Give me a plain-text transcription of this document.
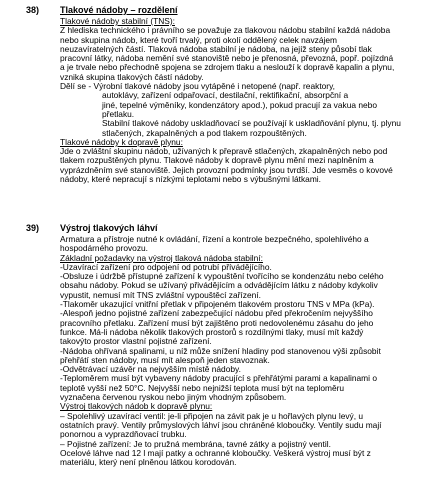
38) Tlakové nádoby – rozdělení
Tlakové nádoby stabilní (TNS):
Z hlediska technického i právního se považuje za tlakovou nádobu stabilní každá nádoba
nebo skupina nádob, které tvoří trvalý, proti okolí oddělený celek navzájem
neuzavíratelných částí. Tlaková nádoba stabilní je nádoba, na jejíž steny působí tlak
pracovní látky, nádoba nemění své stanoviště nebo je přenosná, převozná, popř. pojízdná
a je trvale nebo přechodně spojena se zdrojem tlaku a neslouží k dopravě kapalin a plynu,
vzniká skupina tlakových částí nádoby.
Dělí se - Výrobní tlakové nádoby jsou vytápěné i netopené (např. reaktory,
autoklávy, zařízení odpařovací, destilační, rektifikační, absorpční a
jiné, tepelné výměníky, kondenzátory apod.), pokud pracují za vakua nebo
přetlaku.
Stabilní tlakové nádoby uskladňovací se používají k uskladňování plynu, tj. plynu
stlačených, zkapalněných a pod tlakem rozpouštěných.
Tlakové nádoby k dopravě plynu:
Jde o zvláštní skupinu nádob, užívaných k přepravě stlačených, zkapalněných nebo pod
tlakem rozpuštěných plynu. Tlakové nádoby k dopravě plynu mění mezi naplněním a
vyprázdněním své stanoviště. Jejich provozní podmínky jsou tvrdší. Jde vesměs o kovové
nádoby, které nepracují s nízkými teplotami nebo s výbušnými látkami.
39) Výstroj tlakových láhví
Armatura a přístroje nutné k ovládání, řízení a kontrole bezpečného, spolehlivého a
hospodárného provozu.
Základní požadavky na výstroj tlaková nádoba stabilní:
-Uzavírací zařízení pro odpojení od potrubí přívádějícího.
-Obsluze i údržbě přístupné zařízení k vypouštění tvořícího se kondenzátu nebo celého
obsahu nádoby. Pokud se užívaný přivádějícím a odvádějícím látku z nádoby kdykoliv
vypustit, nemusí mít TNS zvláštní vypouštěcí zařízení.
-Tlakoměr ukazující vnitřní přetlak v připojeném tlakovém prostoru TNS v MPa (kPa).
-Alespoň jedno pojistné zařízení zabezpečující nádobu před překročením nejvyššího
pracovního přetlaku. Zařízení musí být zajištěno proti nedovolenému zásahu do jeho
funkce. Má-li nádoba několik tlakových prostorů s rozdílnými tlaky, musí mít každý
takovýto prostor vlastní pojistné zařízení.
-Nádoba ohřívaná spalinami, u níž může snížení hladiny pod stanovenou výši způsobit
přehřátí sten nádoby, musí mít alespoň jeden stavoznak.
-Odvětrávací uzávěr na nejvyšším místě nádoby.
-Teploměrem musí být vybaveny nádoby pracující s přehřátými parami a kapalinami o
teplotě vyšší než 50°C. Nejvyšší nebo nejnižší teplota musí být na teploměru
vyznačena červenou ryskou nebo jiným vhodným způsobem.
Výstroj tlakových nádob k dopravě plynu:
– Spolehlivý uzavírací ventil: je-li připojen na závit pak je u hořlavých plynu levý, u
ostatních pravý. Ventily průmyslových láhví jsou chráněné kloboučky. Ventily sudu mají
ponornou a vyprazdňovací trubku.
– Pojistné zařízení: Je to pružná membrána, tavné zátky a pojistný ventil.
Ocelové láhve nad 12 l mají patky a ochranné kloboučky. Veškerá výstroj musí být z
materiálu, který není plněnou látkou korodován.
